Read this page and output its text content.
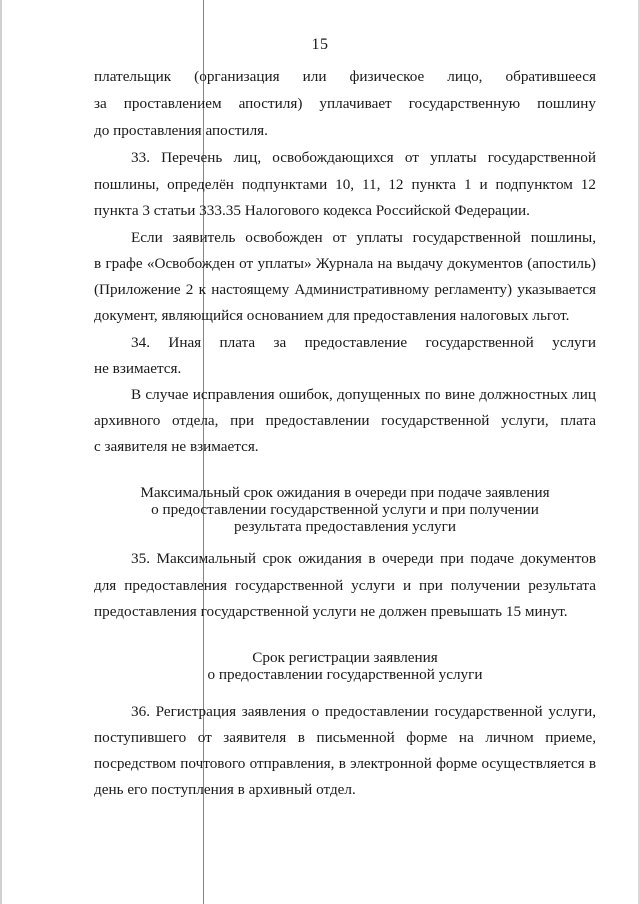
15
плательщик (организация или физическое лицо, обратившееся
за проставлением апостиля) уплачивает государственную пошлину
до проставления апостиля.
33. Перечень лиц, освобождающихся от уплаты государственной
пошлины, определён подпунктами 10, 11, 12 пункта 1 и подпунктом 12
пункта 3 статьи 333.35 Налогового кодекса Российской Федерации.
Если заявитель освобожден от уплаты государственной пошлины,
в графе «Освобожден от уплаты» Журнала на выдачу документов (апостиль)
(Приложение 2 к настоящему Административному регламенту) указывается
документ, являющийся основанием для предоставления налоговых льгот.
34. Иная плата за предоставление государственной услуги
не взимается.
В случае исправления ошибок, допущенных по вине должностных лиц
архивного отдела, при предоставлении государственной услуги, плата
с заявителя не взимается.
Максимальный срок ожидания в очереди при подаче заявления
о предоставлении государственной услуги и при получении
результата предоставления услуги
35. Максимальный срок ожидания в очереди при подаче документов
для предоставления государственной услуги и при получении результата
предоставления государственной услуги не должен превышать 15 минут.
Срок регистрации заявления
о предоставлении государственной услуги
36. Регистрация заявления о предоставлении государственной услуги,
поступившего от заявителя в письменной форме на личном приеме,
посредством почтового отправления, в электронной форме осуществляется в
день его поступления в архивный отдел.
